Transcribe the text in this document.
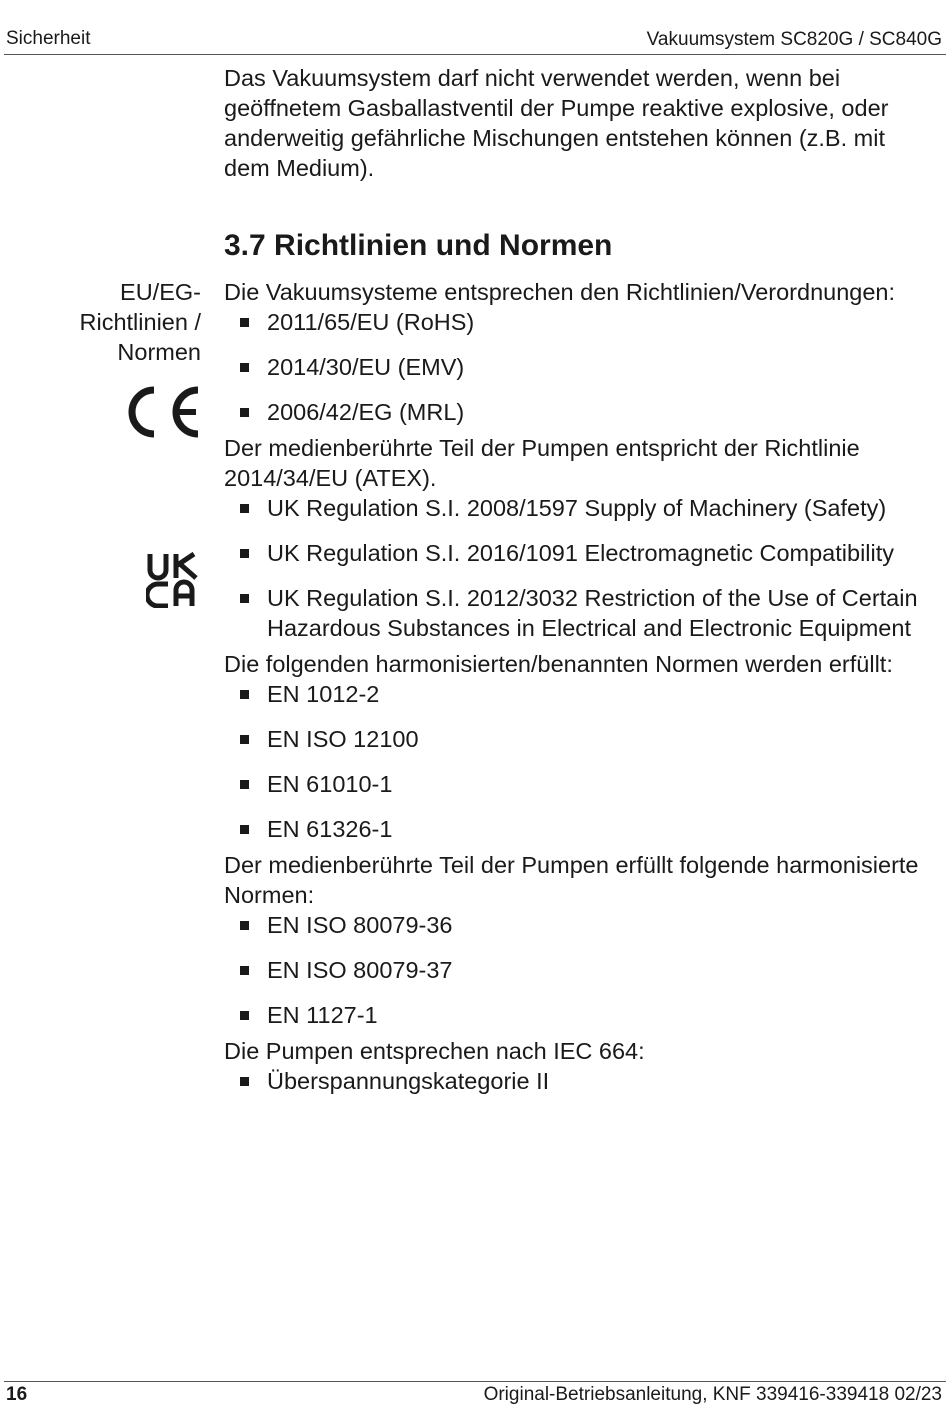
Sicherheit	Vakuumsystem SC820G / SC840G

Das Vakuumsystem darf nicht verwendet werden, wenn bei geöffnetem Gasballastventil der Pumpe reaktive explosive, oder anderweitig gefährliche Mischungen entstehen können (z.B. mit dem Medium).

3.7 Richtlinien und Normen
EU/EG-
Richtlinien /
Normen

Die Vakuumsysteme entsprechen den Richtlinien/Verordnungen:

2011/65/EU (RoHS)
2014/30/EU (EMV)
2006/42/EG (MRL)

Der medienberührte Teil der Pumpen entspricht der Richtlinie 2014/34/EU (ATEX).

UK Regulation S.I. 2008/1597 Supply of Machinery (Safety)
UK Regulation S.I. 2016/1091 Electromagnetic Compatibility
UK Regulation S.I. 2012/3032 Restriction of the Use of Certain Hazardous Substances in Electrical and Electronic Equipment

Die folgenden harmonisierten/benannten Normen werden erfüllt:

EN 1012-2
EN ISO 12100
EN 61010-1
EN 61326-1

Der medienberührte Teil der Pumpen erfüllt folgende harmonisierte Normen:

EN ISO 80079-36
EN ISO 80079-37
EN 1127-1

Die Pumpen entsprechen nach IEC 664:

Überspannungskategorie II
16	Original-Betriebsanleitung, KNF 339416-339418 02/23
